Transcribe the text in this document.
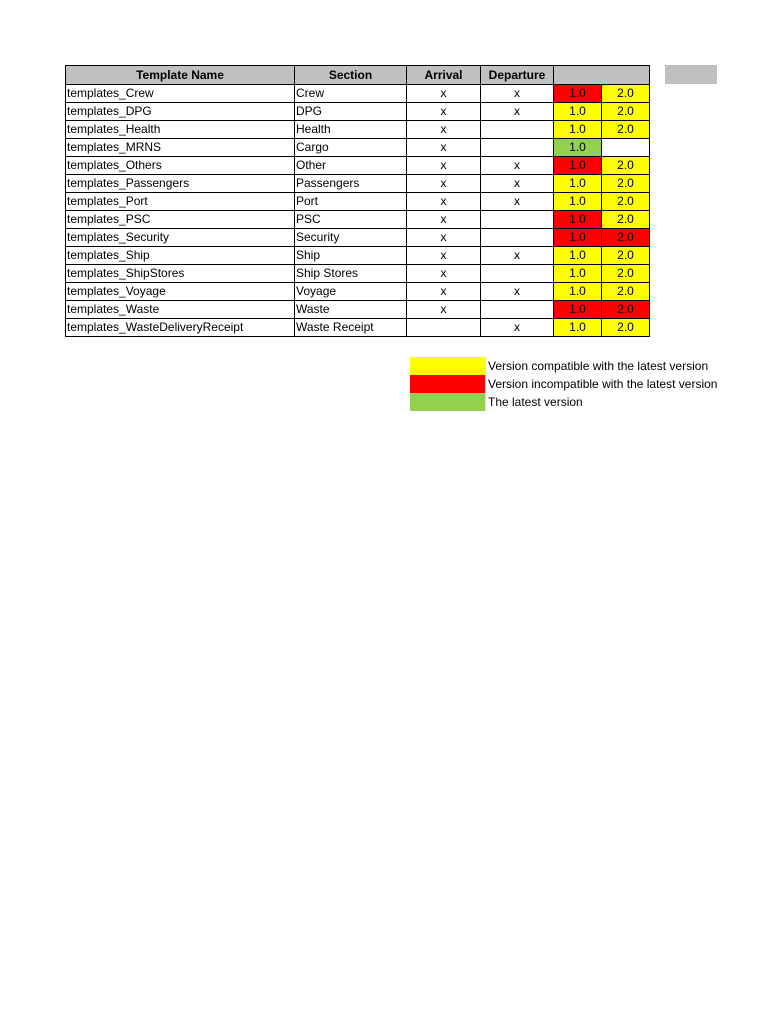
Template Name	Section	Arrival	Departure		
templates_Crew	Crew	x	x	1.0	2.0
templates_DPG	DPG	x	x	1.0	2.0
templates_Health	Health	x		1.0	2.0
templates_MRNS	Cargo	x		1.0	
templates_Others	Other	x	x	1.0	2.0
templates_Passengers	Passengers	x	x	1.0	2.0
templates_Port	Port	x	x	1.0	2.0
templates_PSC	PSC	x		1.0	2.0
templates_Security	Security	x		1.0	2.0
templates_Ship	Ship	x	x	1.0	2.0
templates_ShipStores	Ship Stores	x		1.0	2.0
templates_Voyage	Voyage	x	x	1.0	2.0
templates_Waste	Waste	x		1.0	2.0
templates_WasteDeliveryReceipt	Waste Receipt		x	1.0	2.0
Version compatible with the latest version
Version incompatible with the latest version
The latest version
